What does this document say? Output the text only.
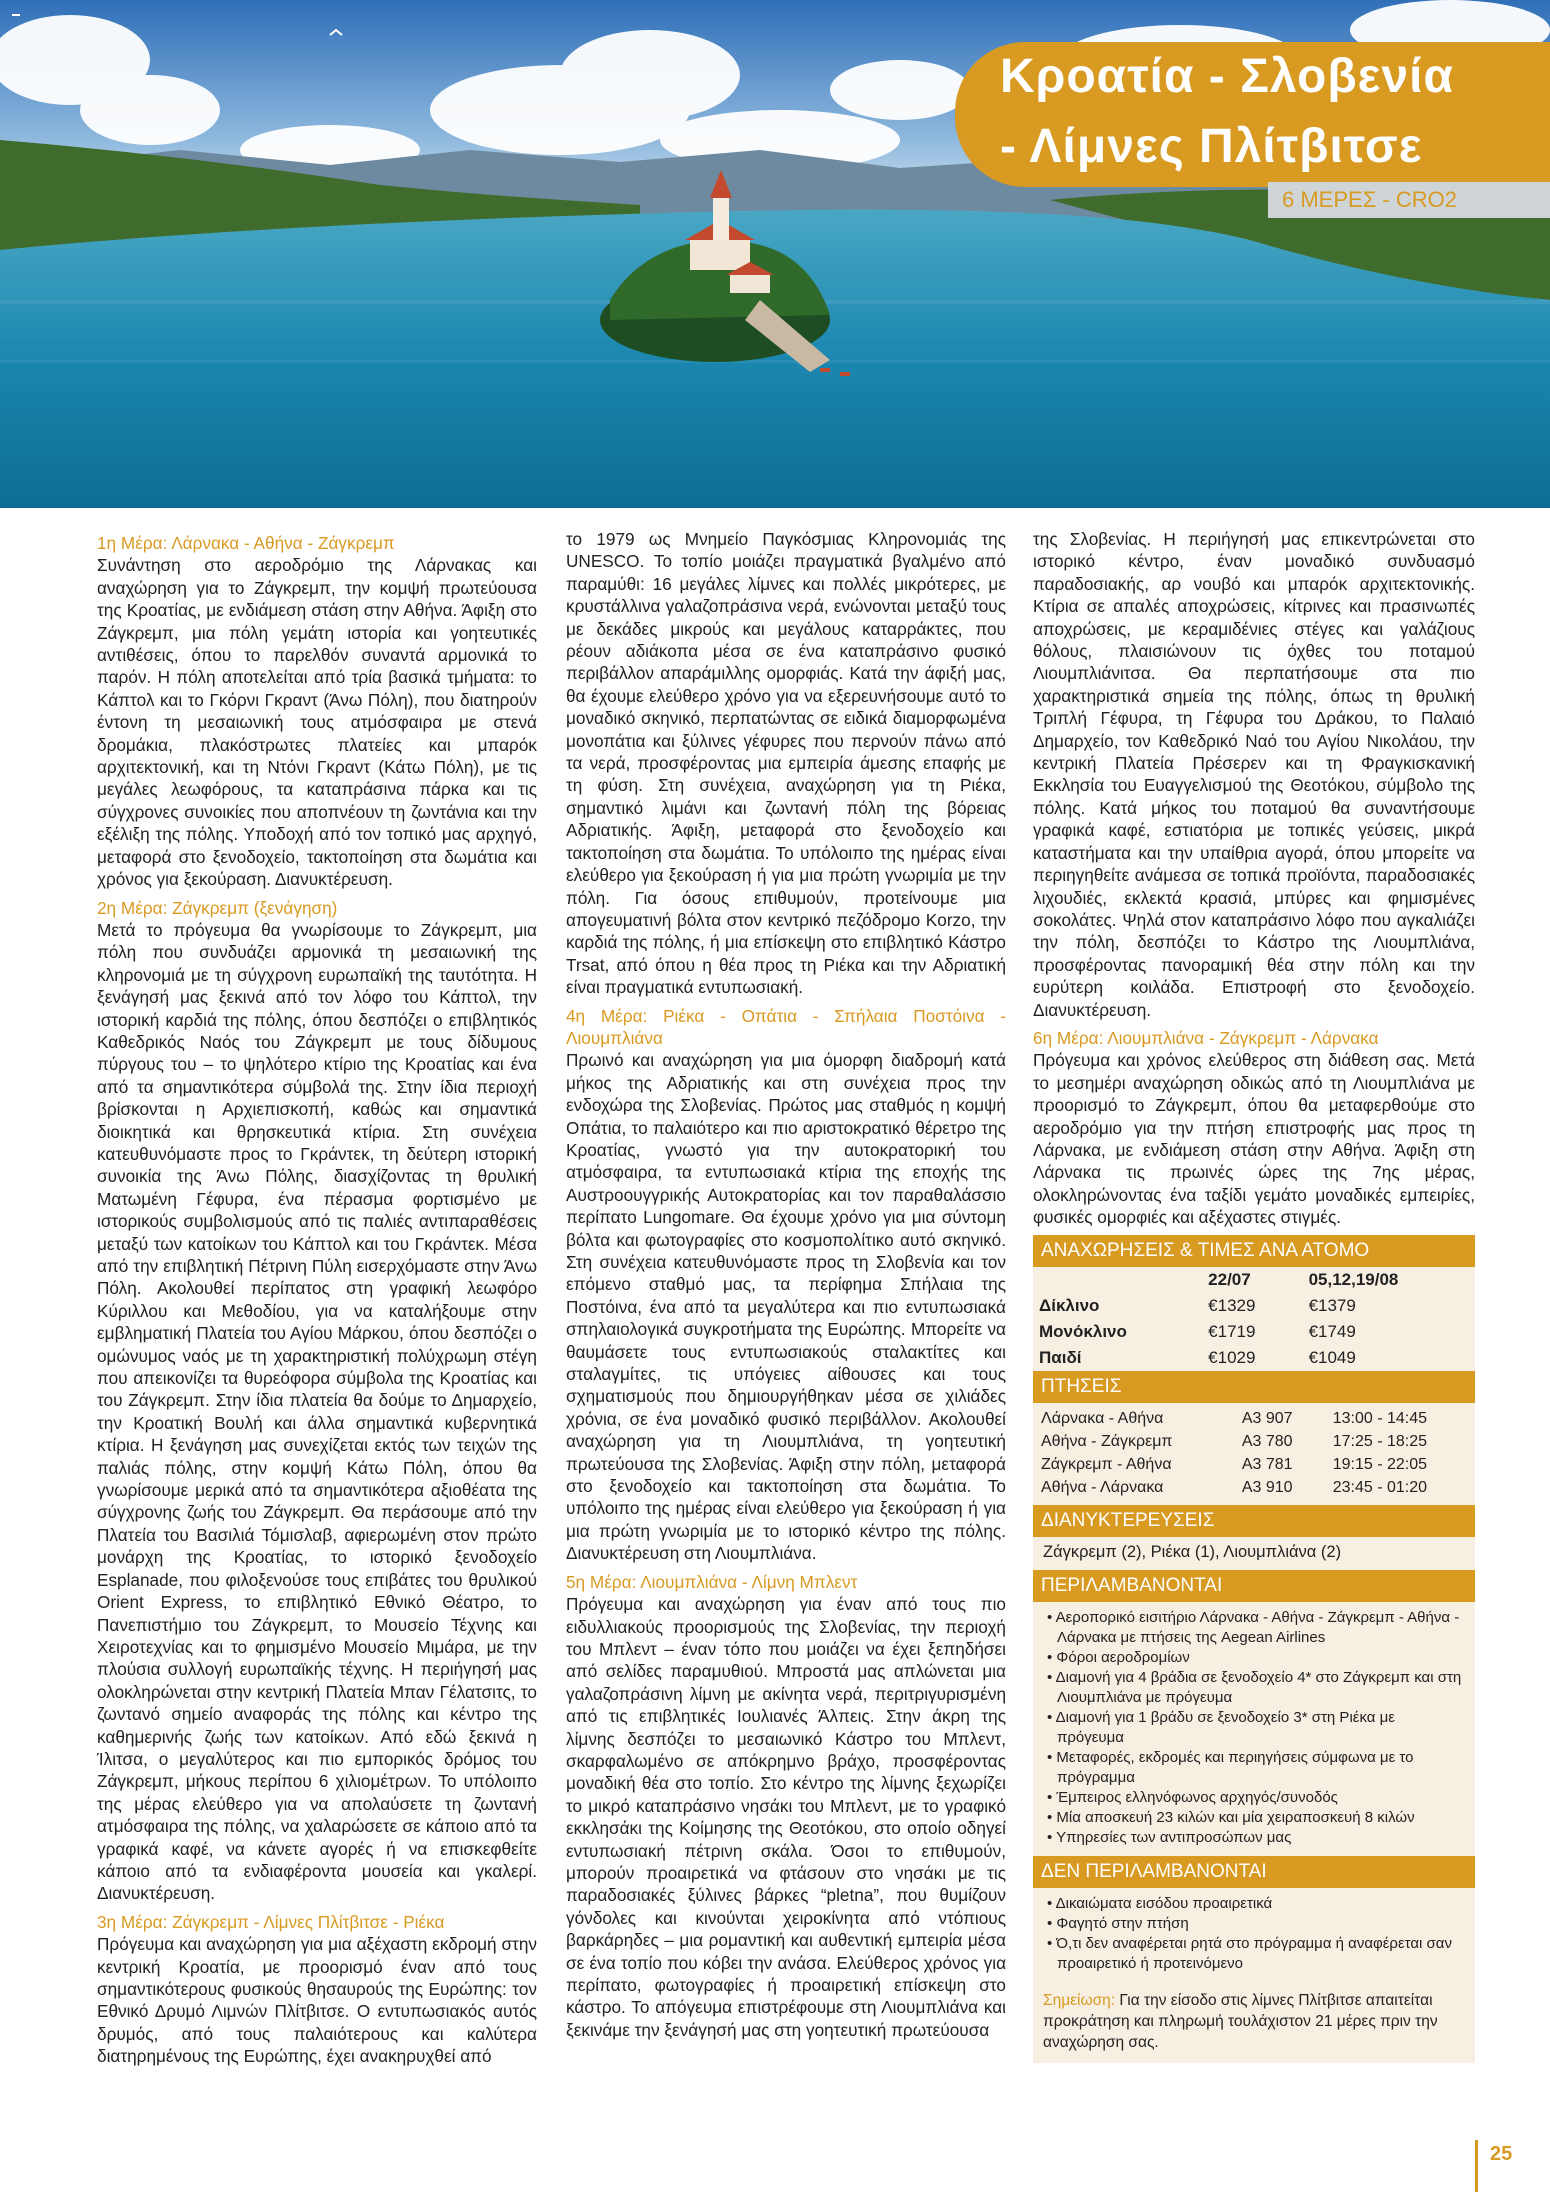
Κροατία - Σλοβενία
- Λίμνες Πλίτβιτσε
6 ΜΕΡΕΣ - CRO2
1η Μέρα: Λάρνακα - Αθήνα - Ζάγκρεμπ

Συνάντηση στο αεροδρόμιο της Λάρνακας και αναχώρηση για το Ζάγκρεμπ, την κομψή πρωτεύουσα της Κροατίας, με ενδιάμεση στάση στην Αθήνα. Άφιξη στο Ζάγκρεμπ, μια πόλη γεμάτη ιστορία και γοητευτικές αντιθέσεις, όπου το παρελθόν συναντά αρμονικά το παρόν. Η πόλη αποτελείται από τρία βασικά τμήματα: το Κάπτολ και το Γκόρνι Γκραντ (Άνω Πόλη), που διατηρούν έντονη τη μεσαιωνική τους ατμόσφαιρα με στενά δρομάκια, πλακόστρωτες πλατείες και μπαρόκ αρχιτεκτονική, και τη Ντόνι Γκραντ (Κάτω Πόλη), με τις μεγάλες λεωφόρους, τα καταπράσινα πάρκα και τις σύγχρονες συνοικίες που αποπνέουν τη ζωντάνια και την εξέλιξη της πόλης. Υποδοχή από τον τοπικό μας αρχηγό, μεταφορά στο ξενοδοχείο, τακτοποίηση στα δωμάτια και χρόνος για ξεκούραση. Διανυκτέρευση.

2η Μέρα: Ζάγκρεμπ (ξενάγηση)

Μετά το πρόγευμα θα γνωρίσουμε το Ζάγκρεμπ, μια πόλη που συνδυάζει αρμονικά τη μεσαιωνική της κληρονομιά με τη σύγχρονη ευρωπαϊκή της ταυτότητα. Η ξενάγησή μας ξεκινά από τον λόφο του Κάπτολ, την ιστορική καρδιά της πόλης, όπου δεσπόζει ο επιβλητικός Καθεδρικός Ναός του Ζάγκρεμπ με τους δίδυμους πύργους του – το ψηλότερο κτίριο της Κροατίας και ένα από τα σημαντικότερα σύμβολά της. Στην ίδια περιοχή βρίσκονται η Αρχιεπισκοπή, καθώς και σημαντικά διοικητικά και θρησκευτικά κτίρια. Στη συνέχεια κατευθυνόμαστε προς το Γκράντεκ, τη δεύτερη ιστορική συνοικία της Άνω Πόλης, διασχίζοντας τη θρυλική Ματωμένη Γέφυρα, ένα πέρασμα φορτισμένο με ιστορικούς συμβολισμούς από τις παλιές αντιπαραθέσεις μεταξύ των κατοίκων του Κάπτολ και του Γκράντεκ. Μέσα από την επιβλητική Πέτρινη Πύλη εισερχόμαστε στην Άνω Πόλη. Ακολουθεί περίπατος στη γραφική λεωφόρο Κύριλλου και Μεθοδίου, για να καταλήξουμε στην εμβληματική Πλατεία του Αγίου Μάρκου, όπου δεσπόζει ο ομώνυμος ναός με τη χαρακτηριστική πολύχρωμη στέγη που απεικονίζει τα θυρεόφορα σύμβολα της Κροατίας και του Ζάγκρεμπ. Στην ίδια πλατεία θα δούμε το Δημαρχείο, την Κροατική Βουλή και άλλα σημαντικά κυβερνητικά κτίρια. Η ξενάγηση μας συνεχίζεται εκτός των τειχών της παλιάς πόλης, στην κομψή Κάτω Πόλη, όπου θα γνωρίσουμε μερικά από τα σημαντικότερα αξιοθέατα της σύγχρονης ζωής του Ζάγκρεμπ. Θα περάσουμε από την Πλατεία του Βασιλιά Τόμισλαβ, αφιερωμένη στον πρώτο μονάρχη της Κροατίας, το ιστορικό ξενοδοχείο Esplanade, που φιλοξενούσε τους επιβάτες του θρυλικού Orient Express, το επιβλητικό Εθνικό Θέατρο, το Πανεπιστήμιο του Ζάγκρεμπ, το Μουσείο Τέχνης και Χειροτεχνίας και το φημισμένο Μουσείο Μιμάρα, με την πλούσια συλλογή ευρωπαϊκής τέχνης. Η περιήγησή μας ολοκληρώνεται στην κεντρική Πλατεία Μπαν Γέλατσιτς, το ζωντανό σημείο αναφοράς της πόλης και κέντρο της καθημερινής ζωής των κατοίκων. Από εδώ ξεκινά η Ίλιτσα, ο μεγαλύτερος και πιο εμπορικός δρόμος του Ζάγκρεμπ, μήκους περίπου 6 χιλιομέτρων. Το υπόλοιπο της μέρας ελεύθερο για να απολαύσετε τη ζωντανή ατμόσφαιρα της πόλης, να χαλαρώσετε σε κάποιο από τα γραφικά καφέ, να κάνετε αγορές ή να επισκεφθείτε κάποιο από τα ενδιαφέροντα μουσεία και γκαλερί. Διανυκτέρευση.

3η Μέρα: Ζάγκρεμπ - Λίμνες Πλίτβιτσε - Ριέκα

Πρόγευμα και αναχώρηση για μια αξέχαστη εκδρομή στην κεντρική Κροατία, με προορισμό έναν από τους σημαντικότερους φυσικούς θησαυρούς της Ευρώπης: τον Εθνικό Δρυμό Λιμνών Πλίτβιτσε. Ο εντυπωσιακός αυτός δρυμός, από τους παλαιότερους και καλύτερα διατηρημένους της Ευρώπης, έχει ανακηρυχθεί από

το 1979 ως Μνημείο Παγκόσμιας Κληρονομιάς της UNESCO. Το τοπίο μοιάζει πραγματικά βγαλμένο από παραμύθι: 16 μεγάλες λίμνες και πολλές μικρότερες, με κρυστάλλινα γαλαζοπράσινα νερά, ενώνονται μεταξύ τους με δεκάδες μικρούς και μεγάλους καταρράκτες, που ρέουν αδιάκοπα μέσα σε ένα καταπράσινο φυσικό περιβάλλον απαράμιλλης ομορφιάς. Κατά την άφιξή μας, θα έχουμε ελεύθερο χρόνο για να εξερευνήσουμε αυτό το μοναδικό σκηνικό, περπατώντας σε ειδικά διαμορφωμένα μονοπάτια και ξύλινες γέφυρες που περνούν πάνω από τα νερά, προσφέροντας μια εμπειρία άμεσης επαφής με τη φύση. Στη συνέχεια, αναχώρηση για τη Ριέκα, σημαντικό λιμάνι και ζωντανή πόλη της βόρειας Αδριατικής. Άφιξη, μεταφορά στο ξενοδοχείο και τακτοποίηση στα δωμάτια. Το υπόλοιπο της ημέρας είναι ελεύθερο για ξεκούραση ή για μια πρώτη γνωριμία με την πόλη. Για όσους επιθυμούν, προτείνουμε μια απογευματινή βόλτα στον κεντρικό πεζόδρομο Korzo, την καρδιά της πόλης, ή μια επίσκεψη στο επιβλητικό Κάστρο Trsat, από όπου η θέα προς τη Ριέκα και την Αδριατική είναι πραγματικά εντυπωσιακή.

4η Μέρα: Ριέκα - Οπάτια - Σπήλαια Ποστόινα - Λιουμπλιάνα

Πρωινό και αναχώρηση για μια όμορφη διαδρομή κατά μήκος της Αδριατικής και στη συνέχεια προς την ενδοχώρα της Σλοβενίας. Πρώτος μας σταθμός η κομψή Οπάτια, το παλαιότερο και πιο αριστοκρατικό θέρετρο της Κροατίας, γνωστό για την αυτοκρατορική του ατμόσφαιρα, τα εντυπωσιακά κτίρια της εποχής της Αυστροουγγρικής Αυτοκρατορίας και τον παραθαλάσσιο περίπατο Lungomare. Θα έχουμε χρόνο για μια σύντομη βόλτα και φωτογραφίες στο κοσμοπολίτικο αυτό σκηνικό. Στη συνέχεια κατευθυνόμαστε προς τη Σλοβενία και τον επόμενο σταθμό μας, τα περίφημα Σπήλαια της Ποστόινα, ένα από τα μεγαλύτερα και πιο εντυπωσιακά σπηλαιολογικά συγκροτήματα της Ευρώπης. Μπορείτε να θαυμάσετε τους εντυπωσιακούς σταλακτίτες και σταλαγμίτες, τις υπόγειες αίθουσες και τους σχηματισμούς που δημιουργήθηκαν μέσα σε χιλιάδες χρόνια, σε ένα μοναδικό φυσικό περιβάλλον. Ακολουθεί αναχώρηση για τη Λιουμπλιάνα, τη γοητευτική πρωτεύουσα της Σλοβενίας. Άφιξη στην πόλη, μεταφορά στο ξενοδοχείο και τακτοποίηση στα δωμάτια. Το υπόλοιπο της ημέρας είναι ελεύθερο για ξεκούραση ή για μια πρώτη γνωριμία με το ιστορικό κέντρο της πόλης. Διανυκτέρευση στη Λιουμπλιάνα.

5η Μέρα: Λιουμπλιάνα - Λίμνη Μπλεντ

Πρόγευμα και αναχώρηση για έναν από τους πιο ειδυλλιακούς προορισμούς της Σλοβενίας, την περιοχή του Μπλεντ – έναν τόπο που μοιάζει να έχει ξεπηδήσει από σελίδες παραμυθιού. Μπροστά μας απλώνεται μια γαλαζοπράσινη λίμνη με ακίνητα νερά, περιτριγυρισμένη από τις επιβλητικές Ιουλιανές Άλπεις. Στην άκρη της λίμνης δεσπόζει το μεσαιωνικό Κάστρο του Μπλεντ, σκαρφαλωμένο σε απόκρημνο βράχο, προσφέροντας μοναδική θέα στο τοπίο. Στο κέντρο της λίμνης ξεχωρίζει το μικρό καταπράσινο νησάκι του Μπλεντ, με το γραφικό εκκλησάκι της Κοίμησης της Θεοτόκου, στο οποίο οδηγεί εντυπωσιακή πέτρινη σκάλα. Όσοι το επιθυμούν, μπορούν προαιρετικά να φτάσουν στο νησάκι με τις παραδοσιακές ξύλινες βάρκες “pletna”, που θυμίζουν γόνδολες και κινούνται χειροκίνητα από ντόπιους βαρκάρηδες – μια ρομαντική και αυθεντική εμπειρία μέσα σε ένα τοπίο που κόβει την ανάσα. Ελεύθερος χρόνος για περίπατο, φωτογραφίες ή προαιρετική επίσκεψη στο κάστρο. Το απόγευμα επιστρέφουμε στη Λιουμπλιάνα και ξεκινάμε την ξενάγησή μας στη γοητευτική πρωτεύουσα

της Σλοβενίας. Η περιήγησή μας επικεντρώνεται στο ιστορικό κέντρο, έναν μοναδικό συνδυασμό παραδοσιακής, αρ νουβό και μπαρόκ αρχιτεκτονικής. Κτίρια σε απαλές αποχρώσεις, κίτρινες και πρασινωπές αποχρώσεις, με κεραμιδένιες στέγες και γαλάζιους θόλους, πλαισιώνουν τις όχθες του ποταμού Λιουμπλιάνιτσα. Θα περπατήσουμε στα πιο χαρακτηριστικά σημεία της πόλης, όπως τη θρυλική Τριπλή Γέφυρα, τη Γέφυρα του Δράκου, το Παλαιό Δημαρχείο, τον Καθεδρικό Ναό του Αγίου Νικολάου, την κεντρική Πλατεία Πρέσερεν και τη Φραγκισκανική Εκκλησία του Ευαγγελισμού της Θεοτόκου, σύμβολο της πόλης. Κατά μήκος του ποταμού θα συναντήσουμε γραφικά καφέ, εστιατόρια με τοπικές γεύσεις, μικρά καταστήματα και την υπαίθρια αγορά, όπου μπορείτε να περιηγηθείτε ανάμεσα σε τοπικά προϊόντα, παραδοσιακές λιχουδιές, εκλεκτά κρασιά, μπύρες και φημισμένες σοκολάτες. Ψηλά στον καταπράσινο λόφο που αγκαλιάζει την πόλη, δεσπόζει το Κάστρο της Λιουμπλιάνα, προσφέροντας πανοραμική θέα στην πόλη και την ευρύτερη κοιλάδα. Επιστροφή στο ξενοδοχείο. Διανυκτέρευση.

6η Μέρα: Λιουμπλιάνα - Ζάγκρεμπ - Λάρνακα

Πρόγευμα και χρόνος ελεύθερος στη διάθεση σας. Μετά το μεσημέρι αναχώρηση οδικώς από τη Λιουμπλιάνα με προορισμό το Ζάγκρεμπ, όπου θα μεταφερθούμε στο αεροδρόμιο για την πτήση επιστροφής μας προς τη Λάρνακα, με ενδιάμεση στάση στην Αθήνα. Άφιξη στη Λάρνακα τις πρωινές ώρες της 7ης μέρας, ολοκληρώνοντας ένα ταξίδι γεμάτο μοναδικές εμπειρίες, φυσικές ομορφιές και αξέχαστες στιγμές.

ΑΝΑΧΩΡΗΣΕΙΣ & ΤΙΜΕΣ ΑΝΑ ΑΤΟΜΟ
	22/07	05,12,19/08
Δίκλινο	€1329	€1379
Μονόκλινο	€1719	€1749
Παιδί	€1029	€1049
ΠΤΗΣΕΙΣ
Λάρνακα - Αθήνα	A3 907	13:00 - 14:45
Αθήνα - Ζάγκρεμπ	A3 780	17:25 - 18:25
Ζάγκρεμπ - Αθήνα	A3 781	19:15 - 22:05
Αθήνα - Λάρνακα	A3 910	23:45 - 01:20
ΔΙΑΝΥΚΤΕΡΕΥΣΕΙΣ
Ζάγκρεμπ (2), Ριέκα (1), Λιουμπλιάνα (2)
ΠΕΡΙΛΑΜΒΑΝΟΝΤΑΙ
• Αεροπορικό εισιτήριο Λάρνακα - Αθήνα - Ζάγκρεμπ - Αθήνα - Λάρνακα με πτήσεις της Aegean Airlines
• Φόροι αεροδρομίων
• Διαμονή για 4 βράδια σε ξενοδοχείο 4* στο Ζάγκρεμπ και στη Λιουμπλιάνα με πρόγευμα
• Διαμονή για 1 βράδυ σε ξενοδοχείο 3* στη Ριέκα με πρόγευμα
• Μεταφορές, εκδρομές και περιηγήσεις σύμφωνα με το πρόγραμμα
• Έμπειρος ελληνόφωνος αρχηγός/συνοδός
• Μία αποσκευή 23 κιλών και μία χειραποσκευή 8 κιλών
• Υπηρεσίες των αντιπροσώπων μας
ΔΕΝ ΠΕΡΙΛΑΜΒΑΝΟΝΤΑΙ
• Δικαιώματα εισόδου προαιρετικά
• Φαγητό στην πτήση
• Ό,τι δεν αναφέρεται ρητά στο πρόγραμμα ή αναφέρεται σαν προαιρετικό ή προτεινόμενο
Σημείωση: Για την είσοδο στις λίμνες Πλίτβιτσε απαιτείται προκράτηση και πληρωμή τουλάχιστον 21 μέρες πριν την αναχώρηση σας.
25
